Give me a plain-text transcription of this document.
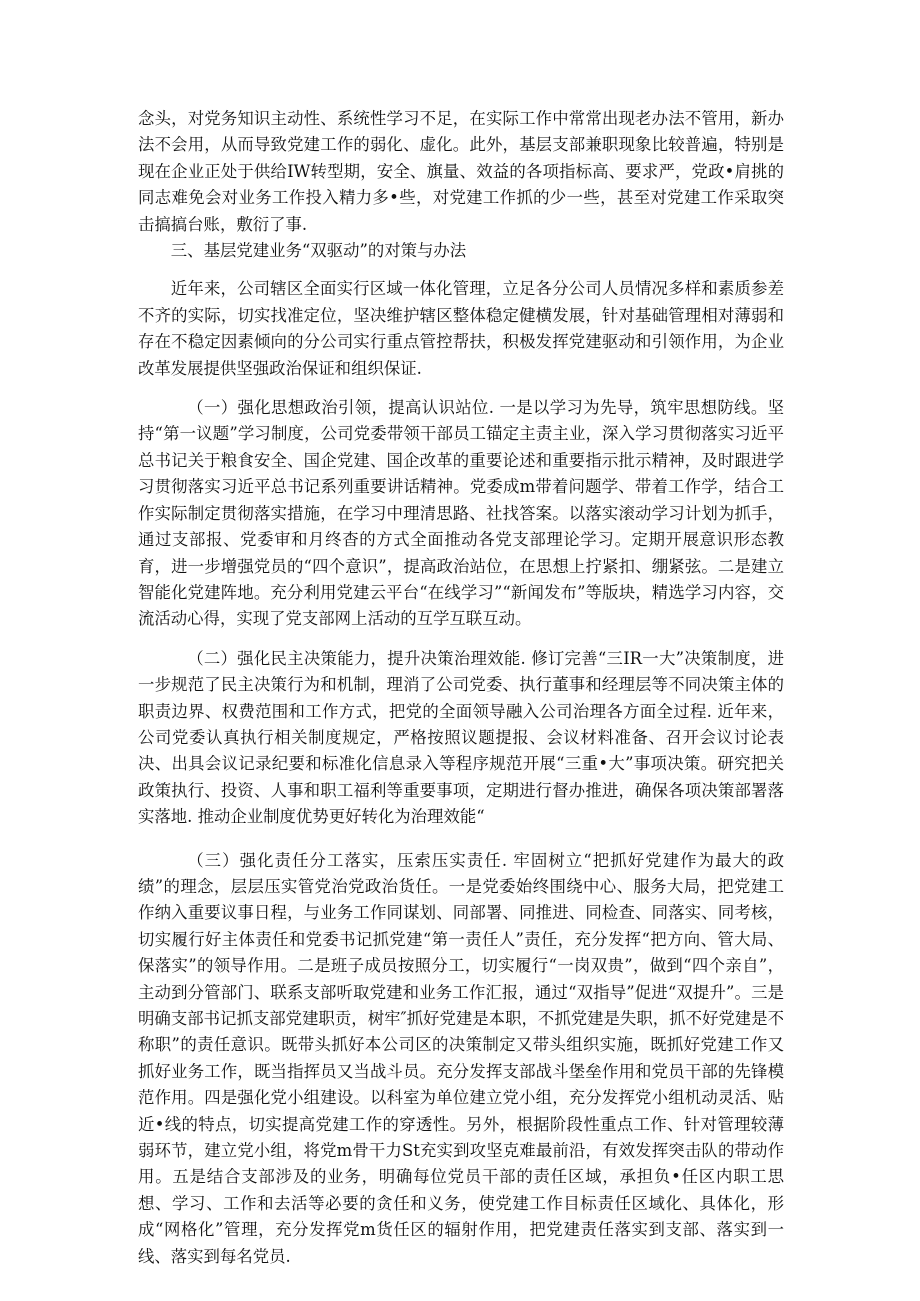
念头，对党务知识主动性、系统性学习不足，在实际工作中常常出现老办法不管用，新办法不会用，从而导致党建工作的弱化、虚化。此外，基层支部兼职现象比较普遍，特别是现在企业正处于供给IW转型期，安全、旗量、效益的各项指标高、要求严，党政•肩挑的同志难免会对业务工作投入精力多•些，对党建工作抓的少一些，甚至对党建工作采取突击搞搞台账，敷衍了事.

三、基层党建业务“双驱动”的对策与办法

近年来，公司辖区全面实行区域一体化管理，立足各分公司人员情况多样和素质参差不齐的实际，切实找准定位，坚决维护辖区整体稳定健横发展，针对基础管理相对薄弱和存在不稳定因素倾向的分公司实行重点管控帮扶，积极发挥党建驱动和引领作用，为企业改革发展提供坚强政治保证和组织保证.

（一）强化思想政治引领，提高认识站位. 一是以学习为先导，筑牢思想防线。坚持“第一议题”学习制度，公司党委带领干部员工锚定主责主业，深入学习贯彻落实习近平总书记关于粮食安全、国企党建、国企改革的重要论述和重要指示批示精神，及时跟进学习贯彻落实习近平总书记系列重要讲话精神。党委成m带着问题学、带着工作学，结合工作实际制定贯彻落实措施，在学习中理清思路、社找答案。以落实滚动学习计划为抓手，通过支部报、党委审和月终杳的方式全面推动各党支部理论学习。定期开展意识形态教育，进一步增强党员的“四个意识”，提高政治站位，在思想上拧紧扣、绷紧弦。二是建立智能化党建阵地。充分利用党建云平台“在线学习”“新闻发布”等版块，精选学习内容，交流活动心得，实现了党支部网上活动的互学互联互动。

（二）强化民主决策能力，提升决策治理效能. 修订完善“三IR一大”决策制度，进一步规范了民主决策行为和机制，理消了公司党委、执行董事和经理层等不同决策主体的职责边界、权费范围和工作方式，把党的全面领导融入公司治理各方面全过程. 近年来，公司党委认真执行相关制度规定，严格按照议题提报、会议材料准备、召开会议讨论表决、出具会议记录纪要和标准化信息录入等程序规范开展“三重•大”事项决策。研究把关政策执行、投资、人事和职工福利等重要事项，定期进行督办推进，确保各项决策部署落实落地. 推动企业制度优势更好转化为治理效能“

（三）强化责任分工落实，压索压实责任. 牢固树立“把抓好党建作为最大的政绩”的理念，层层压实管党治党政治货任。一是党委始终围绕中心、服务大局，把党建工作纳入重要议事日程，与业务工作同谋划、同部署、同推进、同检查、同落实、同考核，切实履行好主体责任和党委书记抓党建“第一责任人”责任，充分发挥“把方向、管大局、保落实”的领导作用。二是班子成员按照分工，切实履行“一岗双贵”，做到“四个亲自”，主动到分管部门、联系支部听取党建和业务工作汇报，通过“双指导”促进“双提升”。三是明确支部书记抓支部党建职贡，树牢″抓好党建是本职，不抓党建是失职，抓不好党建是不称职”的责任意识。既带头抓好本公司区的决策制定又带头组织实施，既抓好党建工作又抓好业务工作，既当指挥员又当战斗员。充分发挥支部战斗堡垒作用和党员干部的先锋模范作用。四是强化党小组建设。以科室为单位建立党小组，充分发挥党小组机动灵活、贴近•线的特点，切实提高党建工作的穿透性。另外，根据阶段性重点工作、针对管理较薄弱环节，建立党小组，将党m骨干力St充实到攻坚克难最前沿，有效发挥突击队的带动作用。五是结合支部涉及的业务，明确每位党员干部的责任区域，承担负•任区内职工思想、学习、工作和去活等必要的贪任和义务，使党建工作目标责任区域化、具体化，形成“网格化”管理，充分发挥党m货任区的辐射作用，把党建责任落实到支部、落实到一线、落实到每名党员.
